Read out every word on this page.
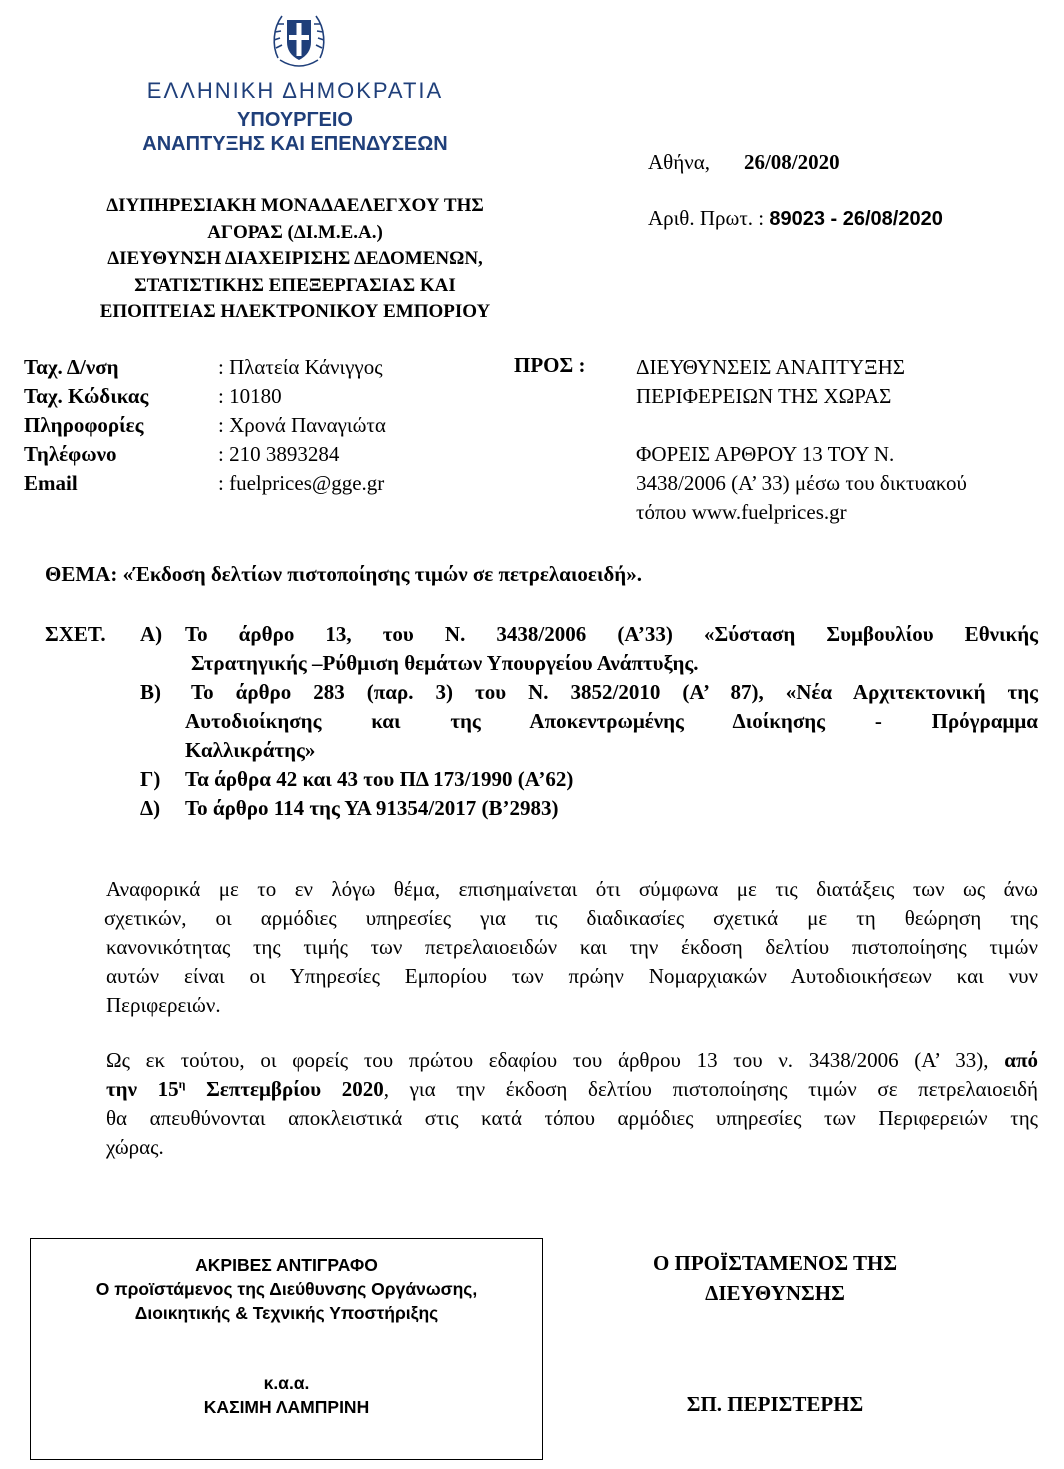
ΕΛΛΗΝΙΚΗ ΔΗΜΟΚΡΑΤΙΑ
ΥΠΟΥΡΓΕΙΟ
ΑΝΑΠΤΥΞΗΣ ΚΑΙ ΕΠΕΝΔΥΣΕΩΝ
Αθήνα, 26/08/2020
Αριθ. Πρωτ. : 89023 - 26/08/2020
ΔΙΥΠΗΡΕΣΙΑΚΗ ΜΟΝΑΔΑΕΛΕΓΧΟΥ ΤΗΣ
ΑΓΟΡΑΣ (ΔΙ.Μ.Ε.Α.)
ΔΙΕΥΘΥΝΣΗ ΔΙΑΧΕΙΡΙΣΗΣ ΔΕΔΟΜΕΝΩΝ,
ΣΤΑΤΙΣΤΙΚΗΣ ΕΠΕΞΕΡΓΑΣΙΑΣ ΚΑΙ
ΕΠΟΠΤΕΙΑΣ ΗΛΕΚΤΡΟΝΙΚΟΥ ΕΜΠΟΡΙΟΥ
Ταχ. Δ/νση	: Πλατεία Κάνιγγος
Ταχ. Κώδικας	: 10180
Πληροφορίες	: Χρονά Παναγιώτα
Τηλέφωνο	: 210 3893284
Email	: fuelprices@gge.gr
ΠΡΟΣ : ΔΙΕΥΘΥΝΣΕΙΣ ΑΝΑΠΤΥΞΗΣ
ΠΕΡΙΦΕΡΕΙΩΝ ΤΗΣ ΧΩΡΑΣ
ΦΟΡΕΙΣ ΑΡΘΡΟΥ 13 ΤΟΥ Ν.
3438/2006 (Α’ 33) μέσω του δικτυακού
τόπου www.fuelprices.gr
ΘΕΜΑ: «Έκδοση δελτίων πιστοποίησης τιμών σε πετρελαιοειδή».
ΣΧΕΤ. Α) Το άρθρο 13, του Ν. 3438/2006 (Α’33) «Σύσταση Συμβουλίου Εθνικής
Στρατηγικής –Ρύθμιση θεμάτων Υπουργείου Ανάπτυξης.
Β) Το άρθρο 283 (παρ. 3) του Ν. 3852/2010 (Α’ 87), «Νέα Αρχιτεκτονική της
Αυτοδιοίκησης και της Αποκεντρωμένης Διοίκησης - Πρόγραμμα
Καλλικράτης»
Γ) Τα άρθρα 42 και 43 του ΠΔ 173/1990 (Α’62)
Δ) Το άρθρο 114 της ΥΑ 91354/2017 (Β’2983)
Αναφορικά με το εν λόγω θέμα, επισημαίνεται ότι σύμφωνα με τις διατάξεις των ως άνω
σχετικών, οι αρμόδιες υπηρεσίες για τις διαδικασίες σχετικά με τη θεώρηση της
κανονικότητας της τιμής των πετρελαιοειδών και την έκδοση δελτίου πιστοποίησης τιμών
αυτών είναι οι Υπηρεσίες Εμπορίου των πρώην Νομαρχιακών Αυτοδιοικήσεων και νυν
Περιφερειών.
Ως εκ τούτου, οι φορείς του πρώτου εδαφίου του άρθρου 13 του ν. 3438/2006 (Α’ 33), από
την $15^\eta$ Σεπτεμβρίου 2020, για την έκδοση δελτίου πιστοποίησης τιμών σε πετρελαιοειδή
θα απευθύνονται αποκλειστικά στις κατά τόπου αρμόδιες υπηρεσίες των Περιφερειών της
χώρας.
ΑΚΡΙΒΕΣ ΑΝΤΙΓΡΑΦΟ
Ο προϊστάμενος της Διεύθυνσης Οργάνωσης,
Διοικητικής & Τεχνικής Υποστήριξης
κ.α.α.
ΚΑΣΙΜΗ ΛΑΜΠΡΙΝΗ
Ο ΠΡΟΪΣΤΑΜΕΝΟΣ ΤΗΣ
ΔΙΕΥΘΥΝΣΗΣ
ΣΠ. ΠΕΡΙΣΤΕΡΗΣ
